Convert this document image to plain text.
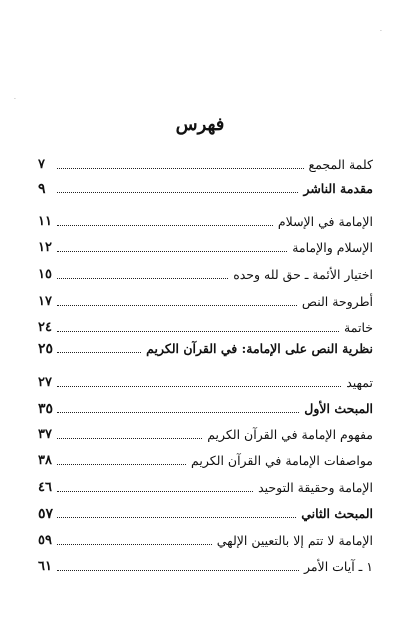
·
·
فهرس
كلمة المجمع
٧
مقدمة الناشر
٩
الإمامة في الإسلام
١١
الإسلام والإمامة
١٢
اختيار الأئمة ـ حق لله وحده
١٥
أطروحة النص
١٧
خاتمة
٢٤
نظرية النص على الإمامة: في القرآن الكريم
٢٥
تمهيد
٢٧
المبحث الأول
٣٥
مفهوم الإمامة في القرآن الكريم
٣٧
مواصفات الإمامة في القرآن الكريم
٣٨
الإمامة وحقيقة التوحيد
٤٦
المبحث الثاني
٥٧
الإمامة لا تتم إلا بالتعيين الإلهي
٥٩
١ ـ آيات الأمر
٦١
